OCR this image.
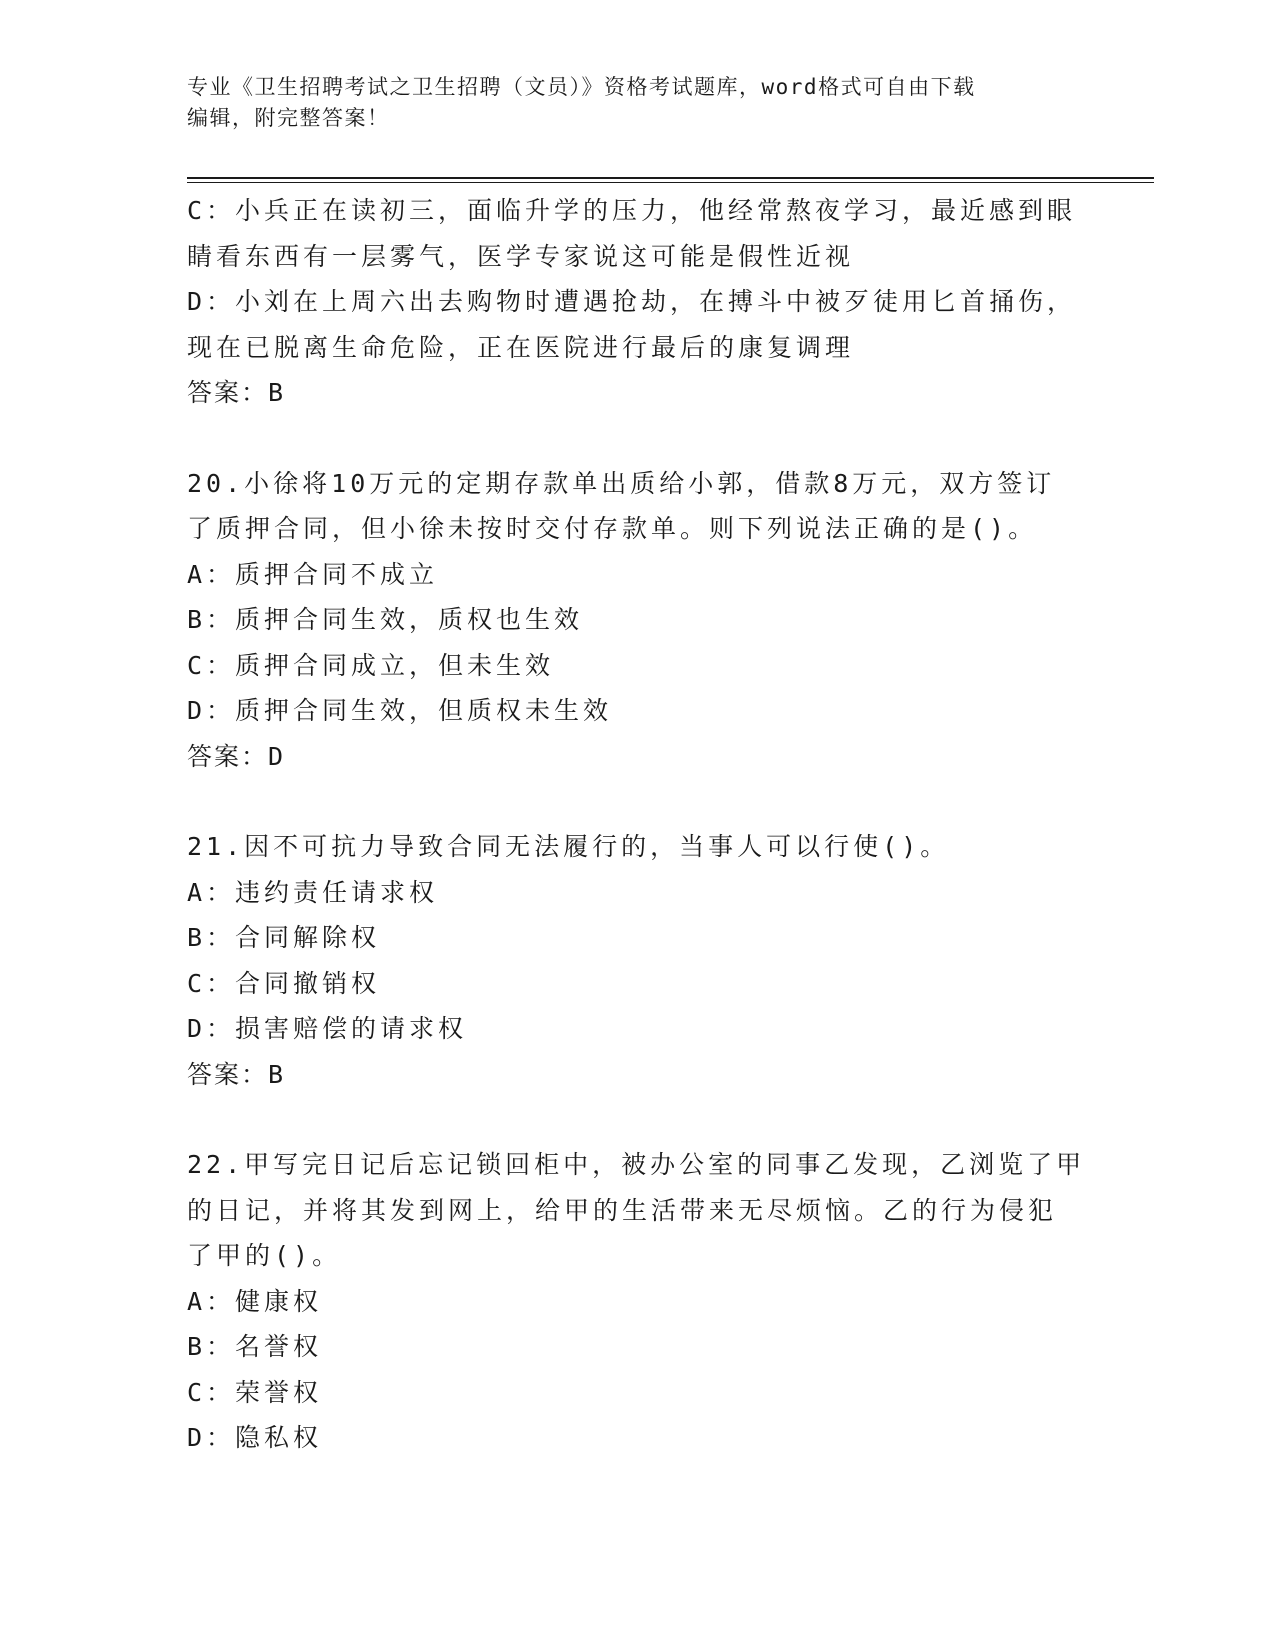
专业《卫生招聘考试之卫生招聘（文员）》资格考试题库，word格式可自由下载
编辑，附完整答案！
C：小兵正在读初三，面临升学的压力，他经常熬夜学习，最近感到眼
睛看东西有一层雾气，医学专家说这可能是假性近视
D：小刘在上周六出去购物时遭遇抢劫，在搏斗中被歹徒用匕首捅伤，
现在已脱离生命危险，正在医院进行最后的康复调理
答案：B
20.小徐将10万元的定期存款单出质给小郭，借款8万元，双方签订
了质押合同，但小徐未按时交付存款单。则下列说法正确的是()。
A：质押合同不成立
B：质押合同生效，质权也生效
C：质押合同成立，但未生效
D：质押合同生效，但质权未生效
答案：D
21.因不可抗力导致合同无法履行的，当事人可以行使()。
A：违约责任请求权
B：合同解除权
C：合同撤销权
D：损害赔偿的请求权
答案：B
22.甲写完日记后忘记锁回柜中，被办公室的同事乙发现，乙浏览了甲
的日记，并将其发到网上，给甲的生活带来无尽烦恼。乙的行为侵犯
了甲的()。
A：健康权
B：名誉权
C：荣誉权
D：隐私权
